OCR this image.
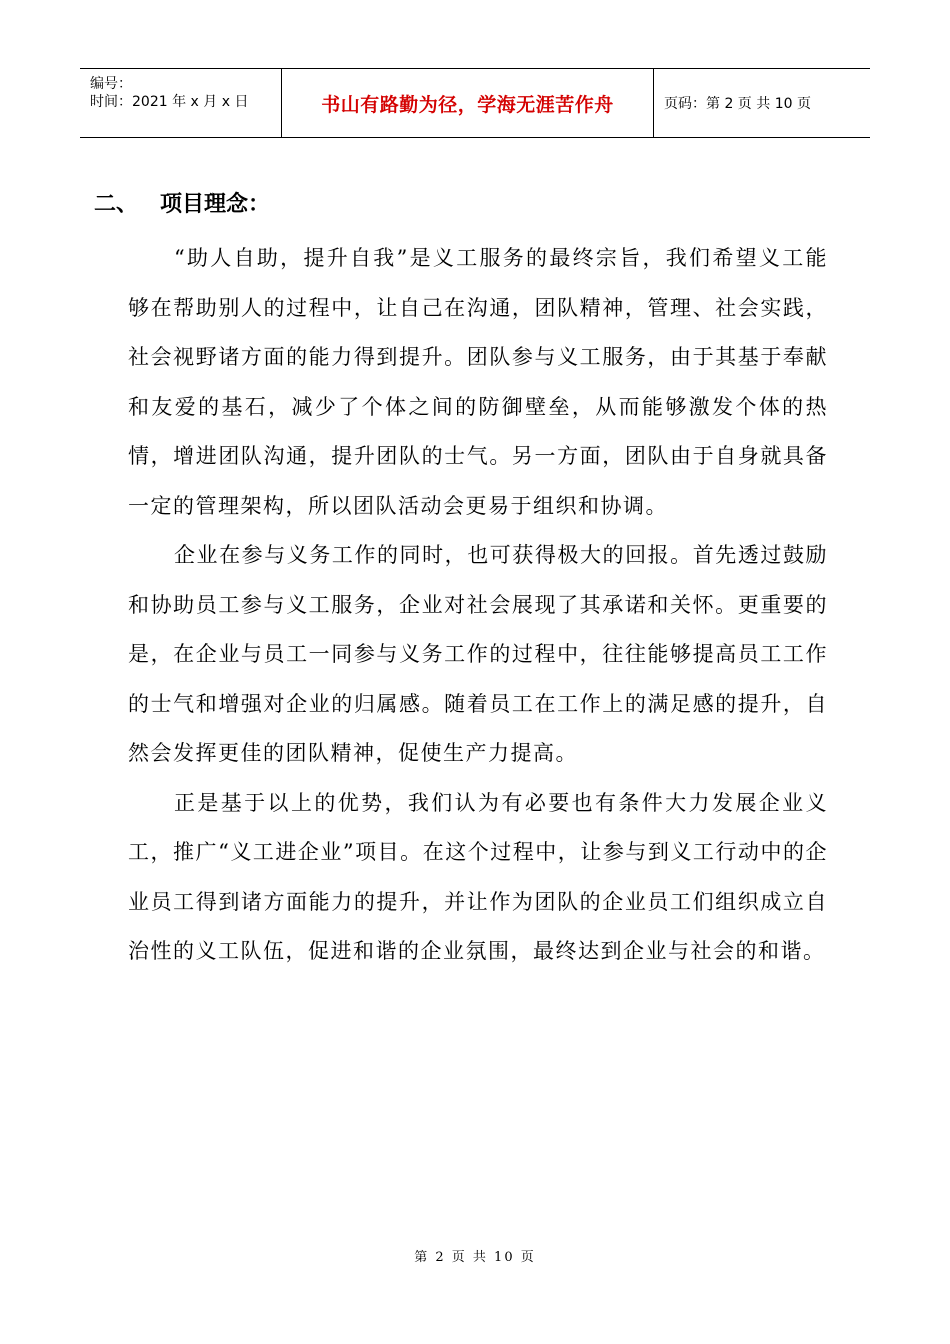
编号：
时间：2021 年 x 月 x 日	书山有路勤为径，学海无涯苦作舟	页码：第 2 页 共 10 页
二、 项目理念：

“助人自助，提升自我”是义工服务的最终宗旨，我们希望义工能够在帮助别人的过程中，让自己在沟通，团队精神，管理、社会实践，社会视野诸方面的能力得到提升。团队参与义工服务，由于其基于奉献和友爱的基石，减少了个体之间的防御壁垒，从而能够激发个体的热情，增进团队沟通，提升团队的士气。另一方面，团队由于自身就具备一定的管理架构，所以团队活动会更易于组织和协调。

企业在参与义务工作的同时，也可获得极大的回报。首先透过鼓励和协助员工参与义工服务，企业对社会展现了其承诺和关怀。更重要的是，在企业与员工一同参与义务工作的过程中，往往能够提高员工工作的士气和增强对企业的归属感。随着员工在工作上的满足感的提升，自然会发挥更佳的团队精神，促使生产力提高。

正是基于以上的优势，我们认为有必要也有条件大力发展企业义工，推广“义工进企业”项目。在这个过程中，让参与到义工行动中的企业员工得到诸方面能力的提升，并让作为团队的企业员工们组织成立自治性的义工队伍，促进和谐的企业氛围，最终达到企业与社会的和谐。

第 2 页 共 10 页
